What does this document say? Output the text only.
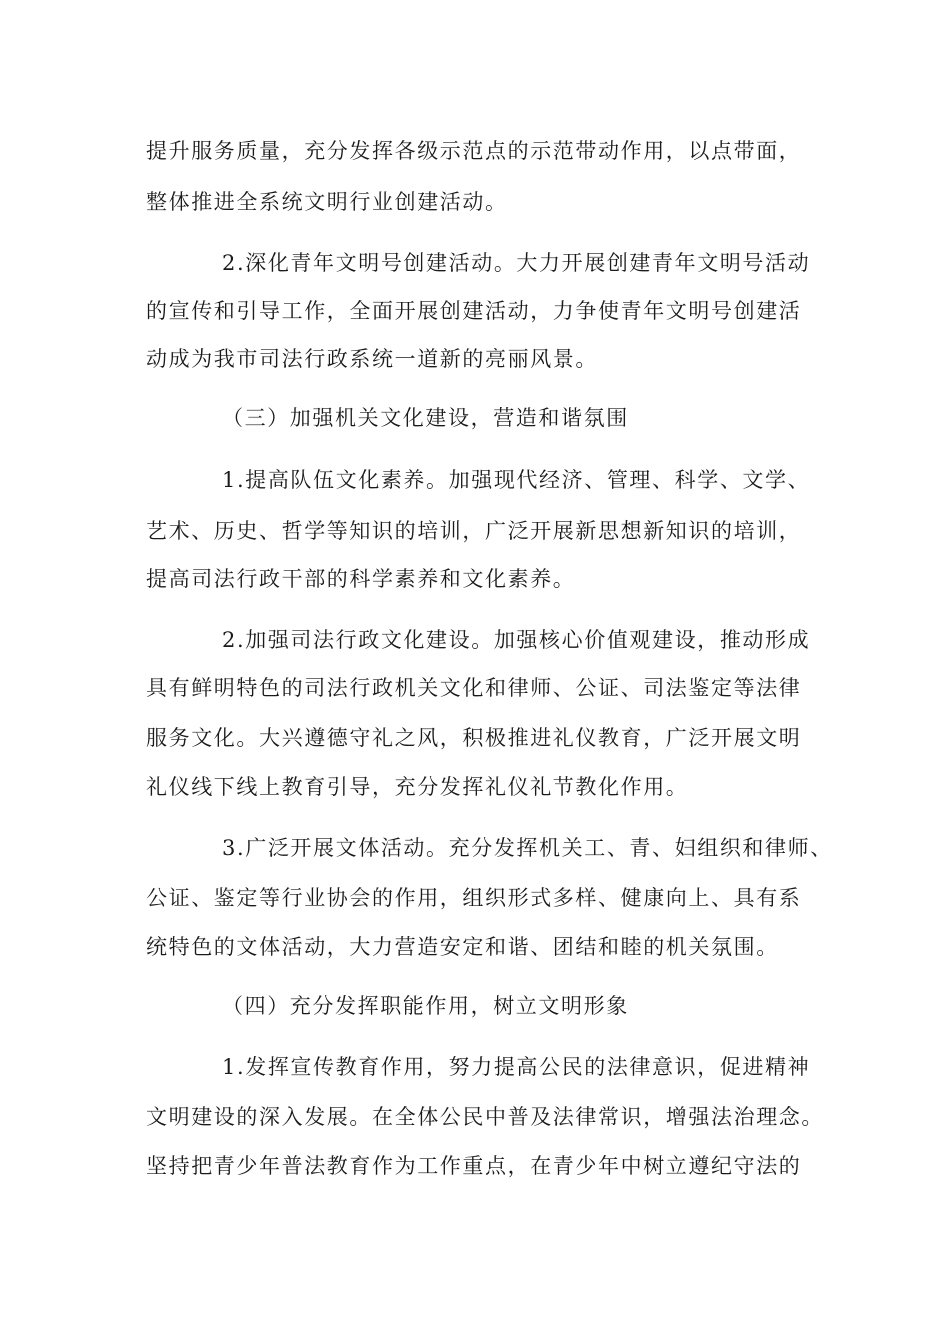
提升服务质量，充分发挥各级示范点的示范带动作用，以点带面，
整体推进全系统文明行业创建活动。
2.深化青年文明号创建活动。大力开展创建青年文明号活动
的宣传和引导工作，全面开展创建活动，力争使青年文明号创建活
动成为我市司法行政系统一道新的亮丽风景。
（三）加强机关文化建设，营造和谐氛围
1.提高队伍文化素养。加强现代经济、管理、科学、文学、
艺术、历史、哲学等知识的培训，广泛开展新思想新知识的培训，
提高司法行政干部的科学素养和文化素养。
2.加强司法行政文化建设。加强核心价值观建设，推动形成
具有鲜明特色的司法行政机关文化和律师、公证、司法鉴定等法律
服务文化。大兴遵德守礼之风，积极推进礼仪教育，广泛开展文明
礼仪线下线上教育引导，充分发挥礼仪礼节教化作用。
3.广泛开展文体活动。充分发挥机关工、青、妇组织和律师、
公证、鉴定等行业协会的作用，组织形式多样、健康向上、具有系
统特色的文体活动，大力营造安定和谐、团结和睦的机关氛围。
（四）充分发挥职能作用，树立文明形象
1.发挥宣传教育作用，努力提高公民的法律意识，促进精神
文明建设的深入发展。在全体公民中普及法律常识，增强法治理念。
坚持把青少年普法教育作为工作重点，在青少年中树立遵纪守法的
